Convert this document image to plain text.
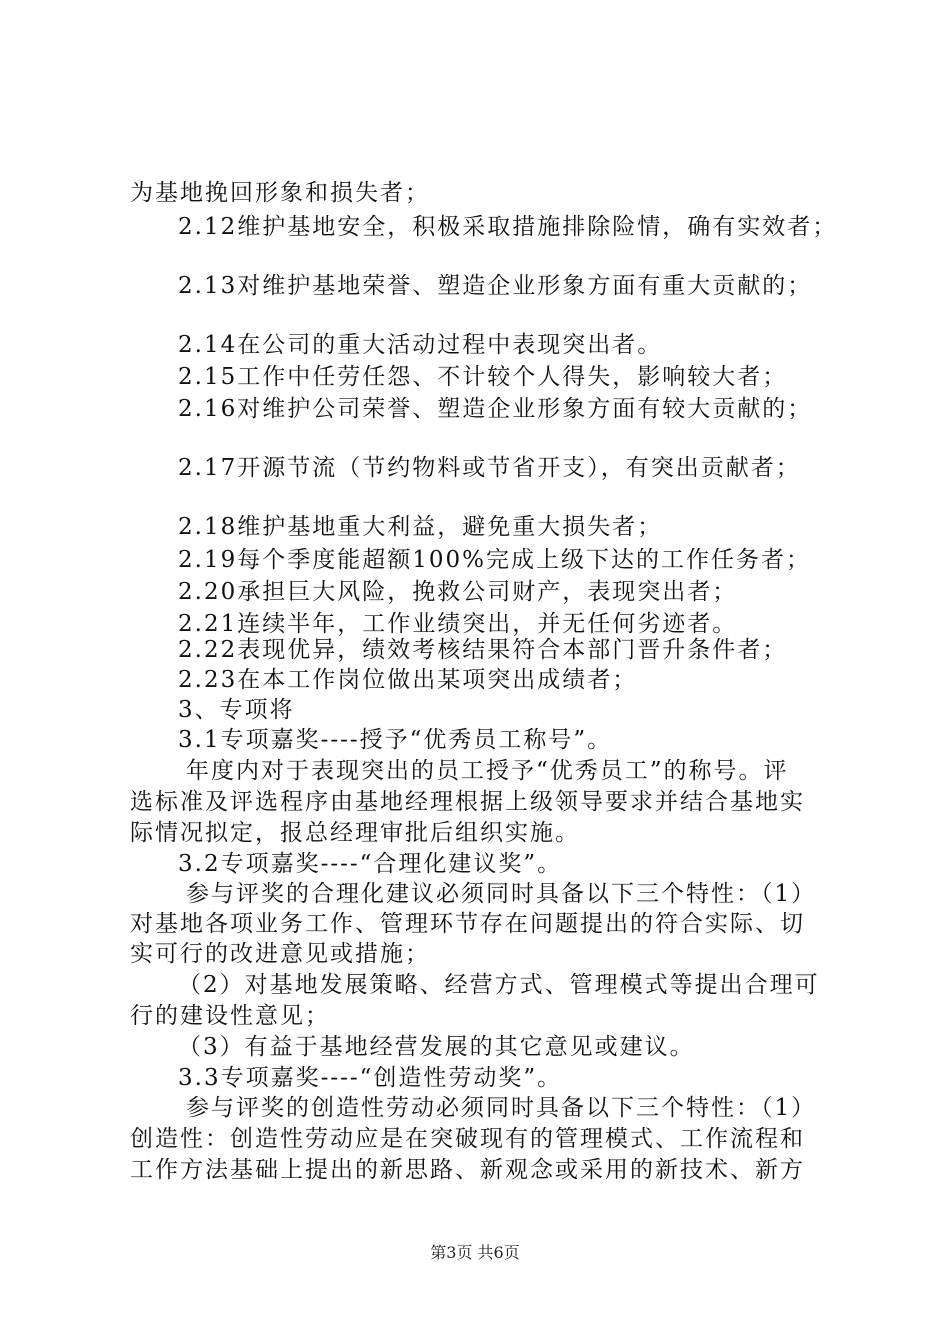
为基地挽回形象和损失者；
2.12维护基地安全，积极采取措施排除险情，确有实效者；
2.13对维护基地荣誉、塑造企业形象方面有重大贡献的；
2.14在公司的重大活动过程中表现突出者。
2.15工作中任劳任怨、不计较个人得失，影响较大者；
2.16对维护公司荣誉、塑造企业形象方面有较大贡献的；
2.17开源节流（节约物料或节省开支），有突出贡献者；
2.18维护基地重大利益，避免重大损失者；
2.19每个季度能超额100%完成上级下达的工作任务者；
2.20承担巨大风险，挽救公司财产，表现突出者；
2.21连续半年，工作业绩突出，并无任何劣迹者。
2.22表现优异，绩效考核结果符合本部门晋升条件者；
2.23在本工作岗位做出某项突出成绩者；
3、专项将
3.1专项嘉奖----授予“优秀员工称号”。
年度内对于表现突出的员工授予“优秀员工”的称号。评
选标准及评选程序由基地经理根据上级领导要求并结合基地实
际情况拟定，报总经理审批后组织实施。
3.2专项嘉奖----“合理化建议奖”。
参与评奖的合理化建议必须同时具备以下三个特性：（1）
对基地各项业务工作、管理环节存在问题提出的符合实际、切
实可行的改进意见或措施；
（2）对基地发展策略、经营方式、管理模式等提出合理可
行的建设性意见；
（3）有益于基地经营发展的其它意见或建议。
3.3专项嘉奖----“创造性劳动奖”。
参与评奖的创造性劳动必须同时具备以下三个特性：（1）
创造性：创造性劳动应是在突破现有的管理模式、工作流程和
工作方法基础上提出的新思路、新观念或采用的新技术、新方
第3页 共6页
